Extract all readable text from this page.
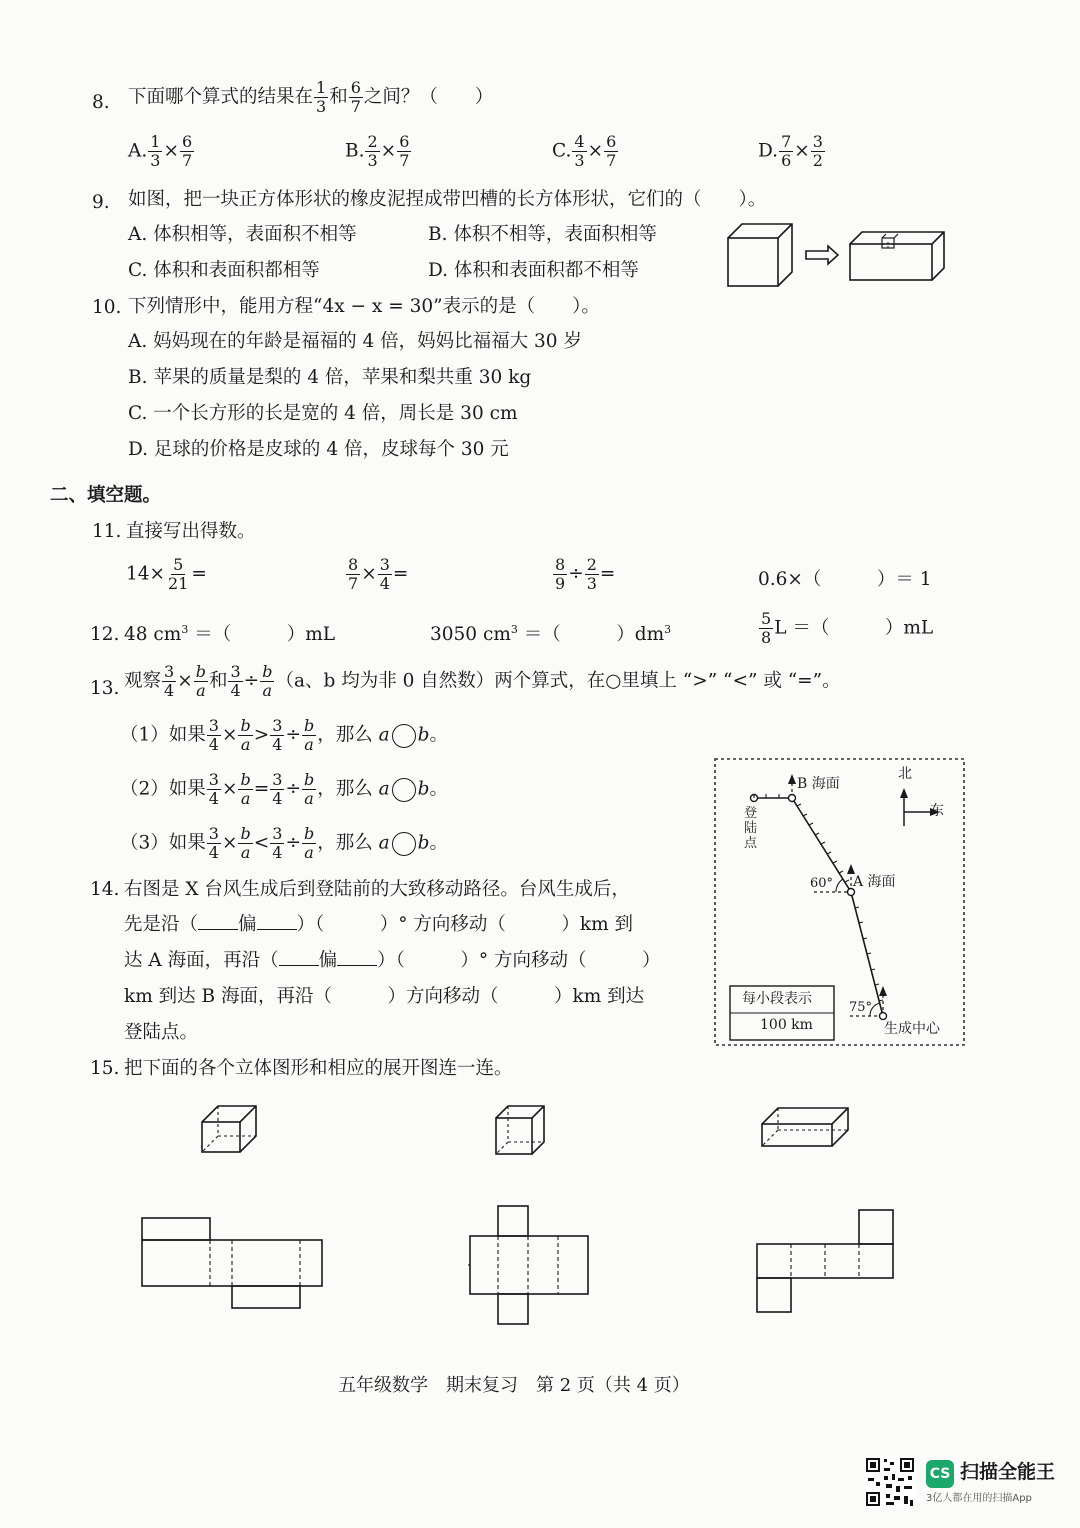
8. 下面哪个算式的结果在 $\frac{1}{3}$ 和 $\frac{6}{7}$ 之间？（　　）
A. $\frac{1}{3} \times \frac{6}{7}$	B. $\frac{2}{3} \times \frac{6}{7}$	C. $\frac{4}{3} \times \frac{6}{7}$	D. $\frac{7}{6} \times \frac{3}{2}$
9. 如图，把一块正方体形状的橡皮泥捏成带凹槽的长方体形状，它们的（　　）。
A. 体积相等，表面积不相等	B. 体积不相等，表面积相等
C. 体积和表面积都相等	D. 体积和表面积都不相等
10. 下列情形中，能用方程“4x − x = 30”表示的是（　　）。
A. 妈妈现在的年龄是福福的 4 倍，妈妈比福福大 30 岁
B. 苹果的质量是梨的 4 倍，苹果和梨共重 30 kg
C. 一个长方形的长是宽的 4 倍，周长是 30 cm
D. 足球的价格是皮球的 4 倍，皮球每个 30 元
二、填空题。
11. 直接写出得数。
$14\times \frac{5}{21}$ =	$\frac{8}{7} \times \frac{3}{4}$ =	$\frac{8}{9} \div \frac{2}{3}$ =	0.6×（　　　）＝ 1
12. 48 $cm^3$ ＝（　　　）mL	3050 $cm^3$ ＝（　　　）$dm^3$	$\frac{5}{8}$ L ＝（　　　）mL
13. 观察 $\frac{3}{4} \times \frac{b}{a}$ 和 $\frac{3}{4} \div \frac{b}{a} (a$、b 均为非 0 自然数）两个算式，在○里填上 “>” “<” 或 “=”。
（1）如果 $\frac{3}{4} \times \frac{b}{a} > \frac{3}{4} \div \frac{b}{a}$ ，那么 a b。
（2）如果 $\frac{3}{4} \times \frac{b}{a} = \frac{3}{4} \div \frac{b}{a}$ ，那么 a b。
（3）如果 $\frac{3}{4} \times \frac{b}{a} < \frac{3}{4} \div \frac{b}{a}$ ，那么 a b。
14. 右图是 X 台风生成后到登陆前的大致移动路径。台风生成后，
先是沿（ 偏 ）（　　　）° 方向移动（　　　）km 到
达 A 海面，再沿（ 偏 ）（　　　）° 方向移动（　　　）
km 到达 B 海面，再沿（　　　）方向移动（　　　）km 到达
登陆点。
B 海面
A 海面
60°
75°
生成中心
北
东
登
陆
点
每小段表示
100 km
15. 把下面的各个立体图形和相应的展开图连一连。
五年级数学　期末复习　第 2 页（共 4 页）
CS 扫描全能王
3亿人都在用的扫描App
